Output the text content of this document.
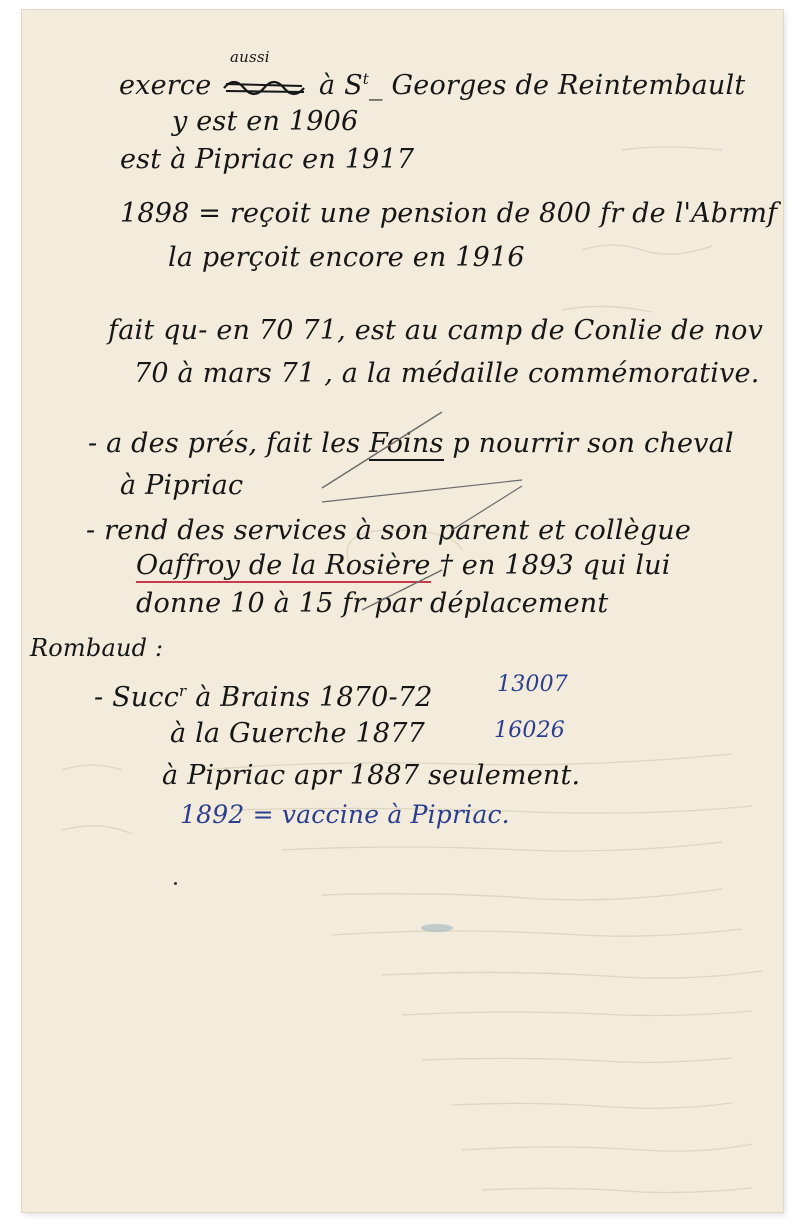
aussi
exerce	à $S^t\_$ Georges de Reintembault
y est en 1906
est à Pipriac en 1917
1898 = reçoit une pension de 800 fr de l'Abrmf
la perçoit encore en 1916
fait qu- en 70 71, est au camp de Conlie de nov
70 à mars 71 , a la médaille commémorative.
- a des prés, fait les Foins p nourrir son cheval
à Pipriac
- rend des services à son parent et collègue
Oaffroy de la Rosière † en 1893 qui lui
donne 10 à 15 fr par déplacement
Rombaud :
- Succ$^r$ à Brains 1870-72	13007
à la Guerche 1877	16026
à Pipriac apr 1887 seulement.
1892 = vaccine à Pipriac.
